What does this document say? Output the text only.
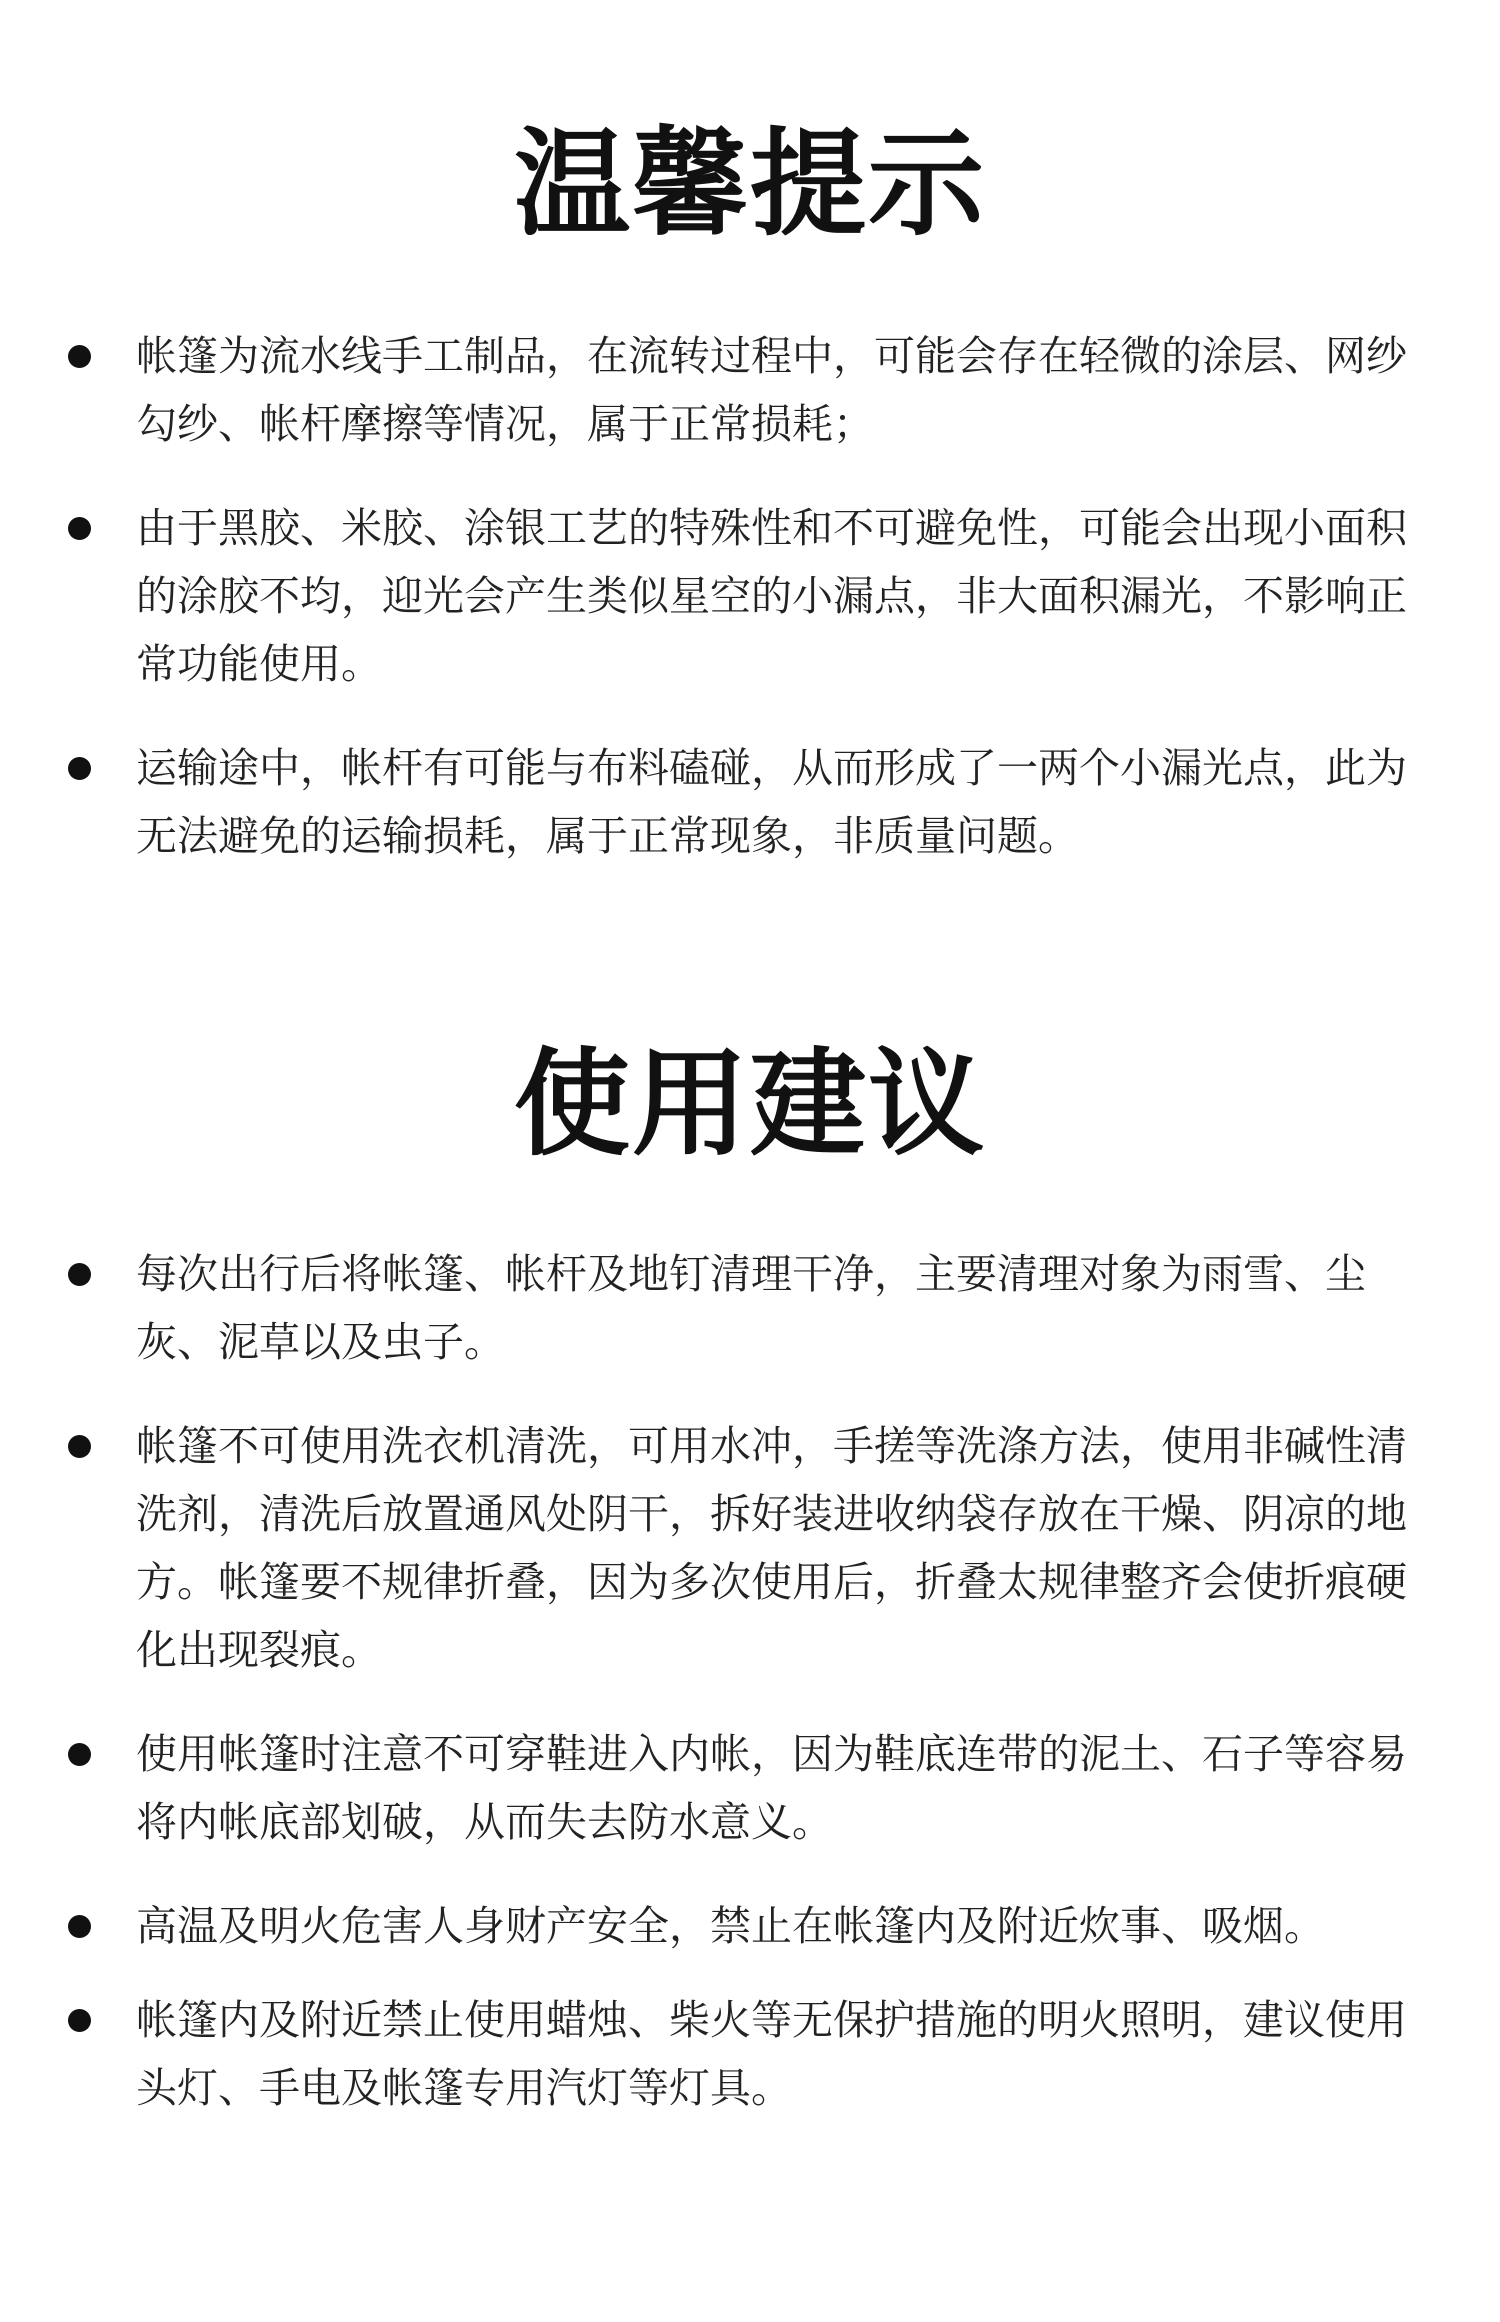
温馨提示
帐篷为流水线手工制品，在流转过程中，可能会存在轻微的涂层、网纱勾纱、帐杆摩擦等情况，属于正常损耗；
由于黑胶、米胶、涂银工艺的特殊性和不可避免性，可能会出现小面积的涂胶不均，迎光会产生类似星空的小漏点，非大面积漏光，不影响正常功能使用。
运输途中，帐杆有可能与布料磕碰，从而形成了一两个小漏光点，此为无法避免的运输损耗，属于正常现象，非质量问题。
使用建议
每次出行后将帐篷、帐杆及地钉清理干净，主要清理对象为雨雪、尘灰、泥草以及虫子。
帐篷不可使用洗衣机清洗，可用水冲，手搓等洗涤方法，使用非碱性清洗剂，清洗后放置通风处阴干，拆好装进收纳袋存放在干燥、阴凉的地方。帐篷要不规律折叠，因为多次使用后，折叠太规律整齐会使折痕硬化出现裂痕。
使用帐篷时注意不可穿鞋进入内帐，因为鞋底连带的泥土、石子等容易将内帐底部划破，从而失去防水意义。
高温及明火危害人身财产安全，禁止在帐篷内及附近炊事、吸烟。
帐篷内及附近禁止使用蜡烛、柴火等无保护措施的明火照明，建议使用头灯、手电及帐篷专用汽灯等灯具。
